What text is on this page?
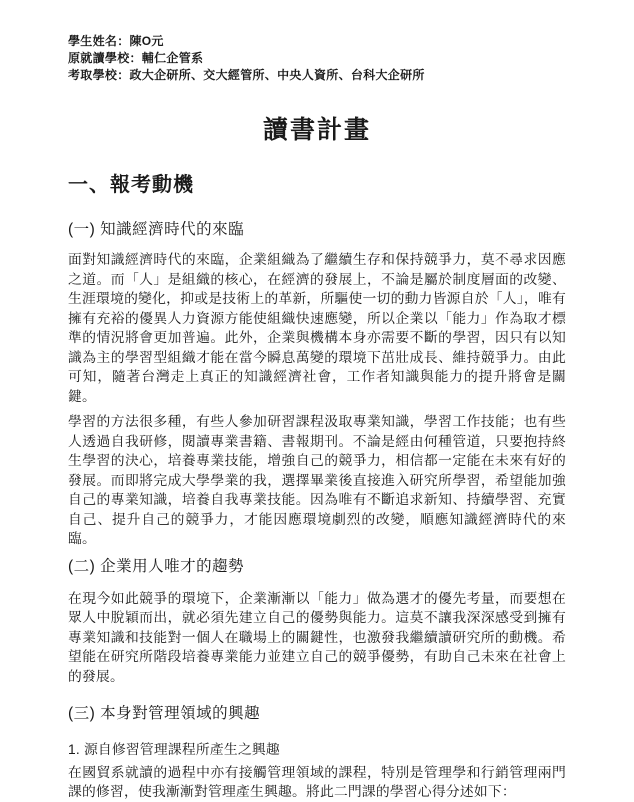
學生姓名：陳O元
原就讀學校：輔仁企管系
考取學校：政大企研所、交大經管所、中央人資所、台科大企研所
讀書計畫
一、報考動機
(一) 知識經濟時代的來臨

面對知識經濟時代的來臨，企業組織為了繼續生存和保持競爭力，莫不尋求因應之道。而「人」是組織的核心，在經濟的發展上，不論是屬於制度層面的改變、生涯環境的變化，抑或是技術上的革新，所驅使一切的動力皆源自於「人」，唯有擁有充裕的優異人力資源方能使組織快速應變，所以企業以「能力」作為取才標準的情況將會更加普遍。此外，企業與機構本身亦需要不斷的學習，因只有以知識為主的學習型組織才能在當今瞬息萬變的環境下茁壯成長、維持競爭力。由此可知，隨著台灣走上真正的知識經濟社會，工作者知識與能力的提升將會是關鍵。

學習的方法很多種，有些人參加研習課程汲取專業知識，學習工作技能；也有些人透過自我研修，閱讀專業書籍、書報期刊。不論是經由何種管道，只要抱持終生學習的決心，培養專業技能，增強自己的競爭力，相信都一定能在未來有好的發展。而即將完成大學學業的我，選擇畢業後直接進入研究所學習，希望能加強自己的專業知識，培養自我專業技能。因為唯有不斷追求新知、持續學習、充實自己、提升自己的競爭力，才能因應環境劇烈的改變，順應知識經濟時代的來臨。

(二) 企業用人唯才的趨勢

在現今如此競爭的環境下，企業漸漸以「能力」做為選才的優先考量，而要想在眾人中脫穎而出，就必須先建立自己的優勢與能力。這莫不讓我深深感受到擁有專業知識和技能對一個人在職場上的關鍵性，也激發我繼續讀研究所的動機。希望能在研究所階段培養專業能力並建立自己的競爭優勢，有助自己未來在社會上的發展。

(三) 本身對管理領域的興趣
1. 源自修習管理課程所產生之興趣

在國貿系就讀的過程中亦有接觸管理領域的課程，特別是管理學和行銷管理兩門課的修習，使我漸漸對管理產生興趣。將此二門課的學習心得分述如下：
